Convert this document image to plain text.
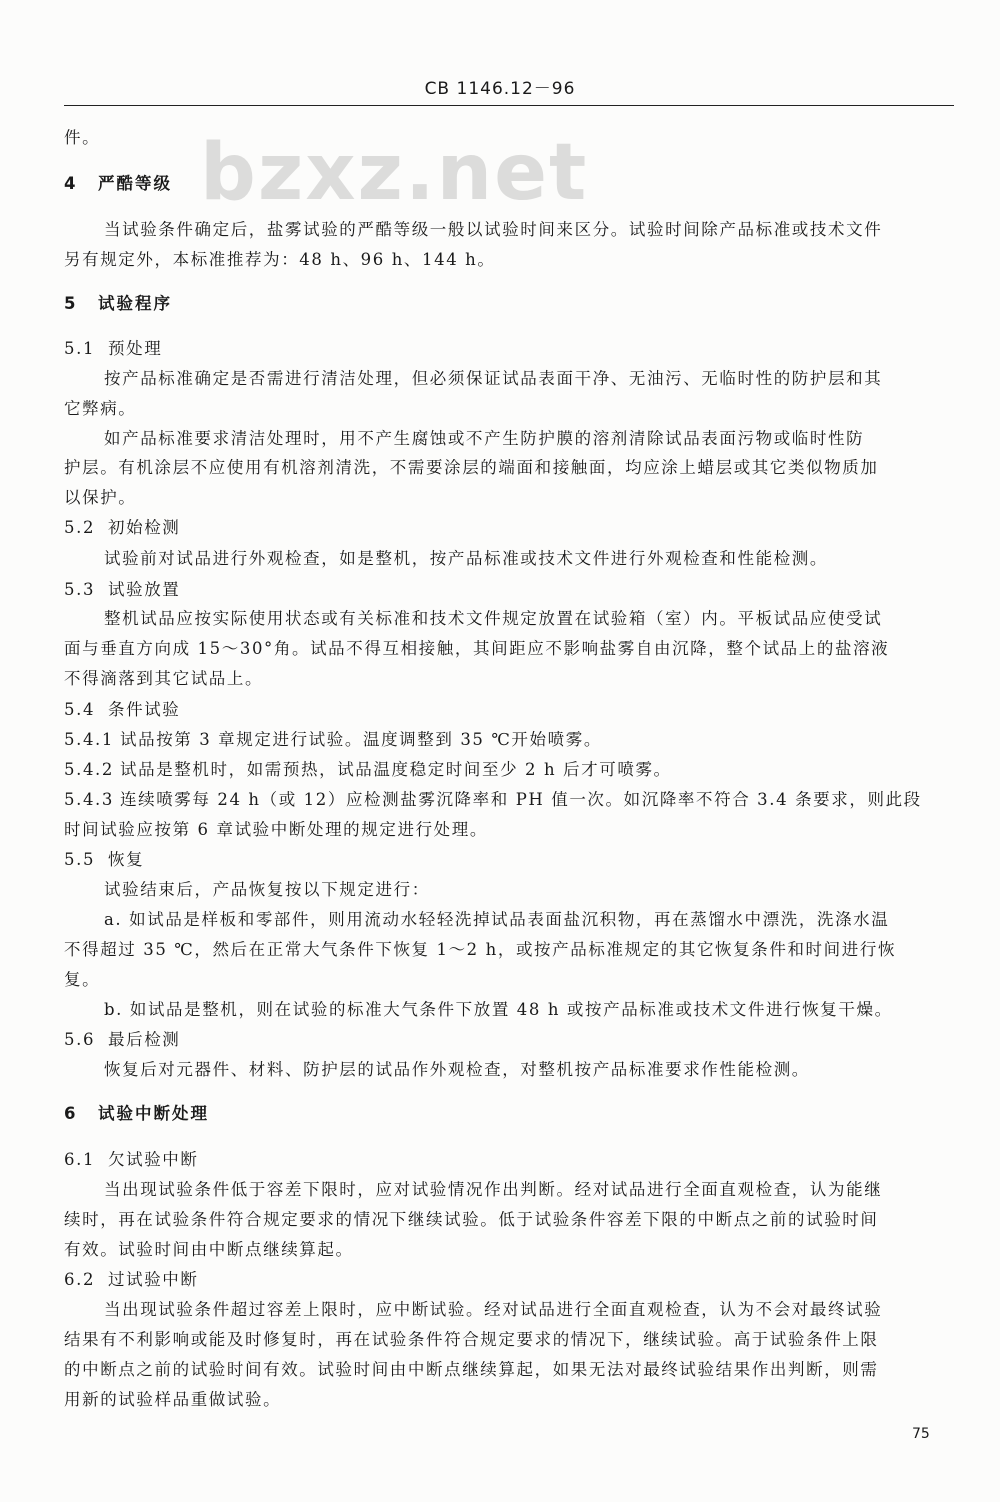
CB 1146.12－96
bzxz.net
件。
4 严酷等级
当试验条件确定后，盐雾试验的严酷等级一般以试验时间来区分。试验时间除产品标准或技术文件
另有规定外，本标准推荐为：48 h、96 h、144 h。
5 试验程序
5.1 预处理
按产品标准确定是否需进行清洁处理，但必须保证试品表面干净、无油污、无临时性的防护层和其
它弊病。
如产品标准要求清洁处理时，用不产生腐蚀或不产生防护膜的溶剂清除试品表面污物或临时性防
护层。有机涂层不应使用有机溶剂清洗，不需要涂层的端面和接触面，均应涂上蜡层或其它类似物质加
以保护。
5.2 初始检测
试验前对试品进行外观检查，如是整机，按产品标准或技术文件进行外观检查和性能检测。
5.3 试验放置
整机试品应按实际使用状态或有关标准和技术文件规定放置在试验箱（室）内。平板试品应使受试
面与垂直方向成 15～30°角。试品不得互相接触，其间距应不影响盐雾自由沉降，整个试品上的盐溶液
不得滴落到其它试品上。
5.4 条件试验
5.4.1 试品按第 3 章规定进行试验。温度调整到 35 ℃开始喷雾。
5.4.2 试品是整机时，如需预热，试品温度稳定时间至少 2 h 后才可喷雾。
5.4.3 连续喷雾每 24 h（或 12）应检测盐雾沉降率和 PH 值一次。如沉降率不符合 3.4 条要求，则此段
时间试验应按第 6 章试验中断处理的规定进行处理。
5.5 恢复
试验结束后，产品恢复按以下规定进行：
a. 如试品是样板和零部件，则用流动水轻轻洗掉试品表面盐沉积物，再在蒸馏水中漂洗，洗涤水温
不得超过 35 ℃，然后在正常大气条件下恢复 1～2 h，或按产品标准规定的其它恢复条件和时间进行恢
复。
b. 如试品是整机，则在试验的标准大气条件下放置 48 h 或按产品标准或技术文件进行恢复干燥。
5.6 最后检测
恢复后对元器件、材料、防护层的试品作外观检查，对整机按产品标准要求作性能检测。
6 试验中断处理
6.1 欠试验中断
当出现试验条件低于容差下限时，应对试验情况作出判断。经对试品进行全面直观检查，认为能继
续时，再在试验条件符合规定要求的情况下继续试验。低于试验条件容差下限的中断点之前的试验时间
有效。试验时间由中断点继续算起。
6.2 过试验中断
当出现试验条件超过容差上限时，应中断试验。经对试品进行全面直观检查，认为不会对最终试验
结果有不利影响或能及时修复时，再在试验条件符合规定要求的情况下，继续试验。高于试验条件上限
的中断点之前的试验时间有效。试验时间由中断点继续算起，如果无法对最终试验结果作出判断，则需
用新的试验样品重做试验。
75
